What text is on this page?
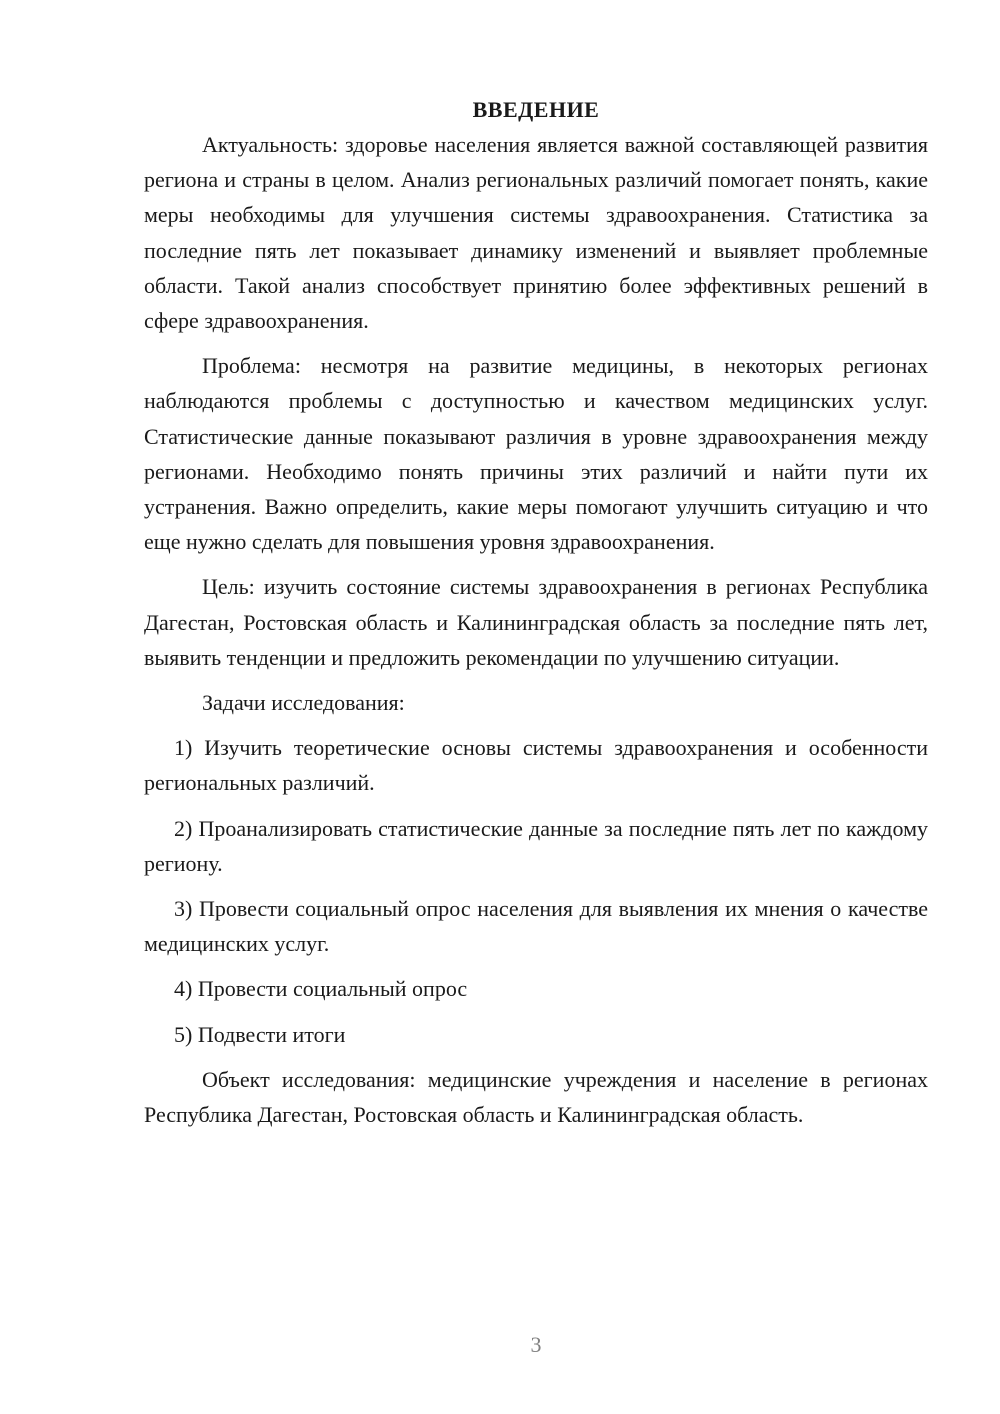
ВВЕДЕНИЕ

Актуальность: здоровье населения является важной составляющей развития региона и страны в целом. Анализ региональных различий помогает понять, какие меры необходимы для улучшения системы здравоохранения. Статистика за последние пять лет показывает динамику изменений и выявляет проблемные области. Такой анализ способствует принятию более эффективных решений в сфере здравоохранения.

Проблема: несмотря на развитие медицины, в некоторых регионах наблюдаются проблемы с доступностью и качеством медицинских услуг. Статистические данные показывают различия в уровне здравоохранения между регионами. Необходимо понять причины этих различий и найти пути их устранения. Важно определить, какие меры помогают улучшить ситуацию и что еще нужно сделать для повышения уровня здравоохранения.

Цель: изучить состояние системы здравоохранения в регионах Республика Дагестан, Ростовская область и Калининградская область за последние пять лет, выявить тенденции и предложить рекомендации по улучшению ситуации.

Задачи исследования:

1) Изучить теоретические основы системы здравоохранения и особенности региональных различий.

2) Проанализировать статистические данные за последние пять лет по каждому региону.

3) Провести социальный опрос населения для выявления их мнения о качестве медицинских услуг.

4) Провести социальный опрос

5) Подвести итоги

Объект исследования: медицинские учреждения и население в регионах Республика Дагестан, Ростовская область и Калининградская область.

3
